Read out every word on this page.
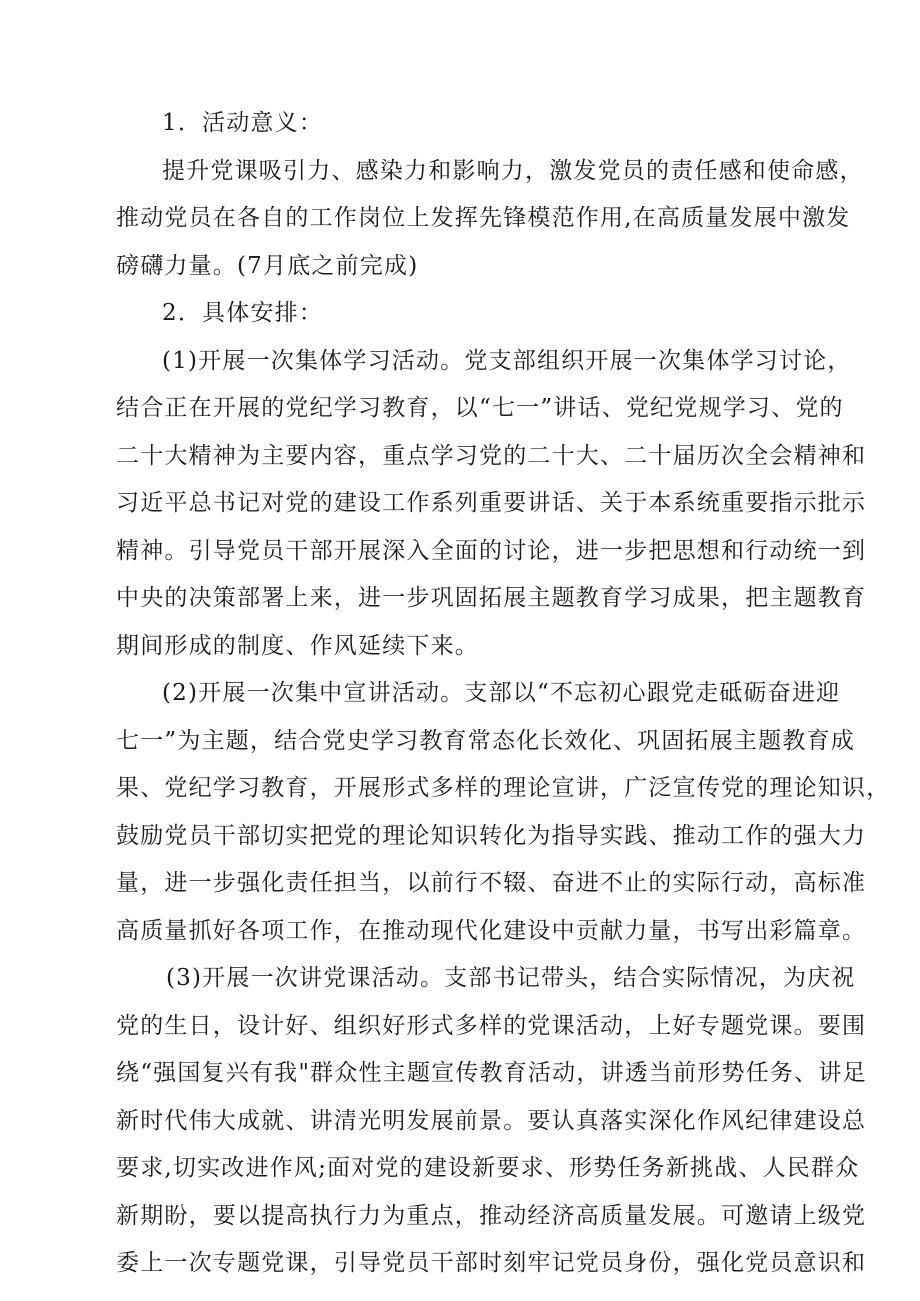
1．活动意义：
提升党课吸引力、感染力和影响力，激发党员的责任感和使命感，
推动党员在各自的工作岗位上发挥先锋模范作用,在高质量发展中激发
磅礴力量。(7月底之前完成)
2．具体安排：
(1)开展一次集体学习活动。党支部组织开展一次集体学习讨论，
结合正在开展的党纪学习教育，以“七一”讲话、党纪党规学习、党的
二十大精神为主要内容，重点学习党的二十大、二十届历次全会精神和
习近平总书记对党的建设工作系列重要讲话、关于本系统重要指示批示
精神。引导党员干部开展深入全面的讨论，进一步把思想和行动统一到
中央的决策部署上来，进一步巩固拓展主题教育学习成果，把主题教育
期间形成的制度、作风延续下来。
(2)开展一次集中宣讲活动。支部以“不忘初心跟党走砥砺奋进迎
七一”为主题，结合党史学习教育常态化长效化、巩固拓展主题教育成
果、党纪学习教育，开展形式多样的理论宣讲，广泛宣传党的理论知识，
鼓励党员干部切实把党的理论知识转化为指导实践、推动工作的强大力
量，进一步强化责任担当，以前行不辍、奋进不止的实际行动，高标准
高质量抓好各项工作，在推动现代化建设中贡献力量，书写出彩篇章。
(3)开展一次讲党课活动。支部书记带头，结合实际情况，为庆祝
党的生日，设计好、组织好形式多样的党课活动，上好专题党课。要围
绕“强国复兴有我"群众性主题宣传教育活动，讲透当前形势任务、讲足
新时代伟大成就、讲清光明发展前景。要认真落实深化作风纪律建设总
要求,切实改进作风;面对党的建设新要求、形势任务新挑战、人民群众
新期盼，要以提高执行力为重点，推动经济高质量发展。可邀请上级党
委上一次专题党课，引导党员干部时刻牢记党员身份，强化党员意识和
